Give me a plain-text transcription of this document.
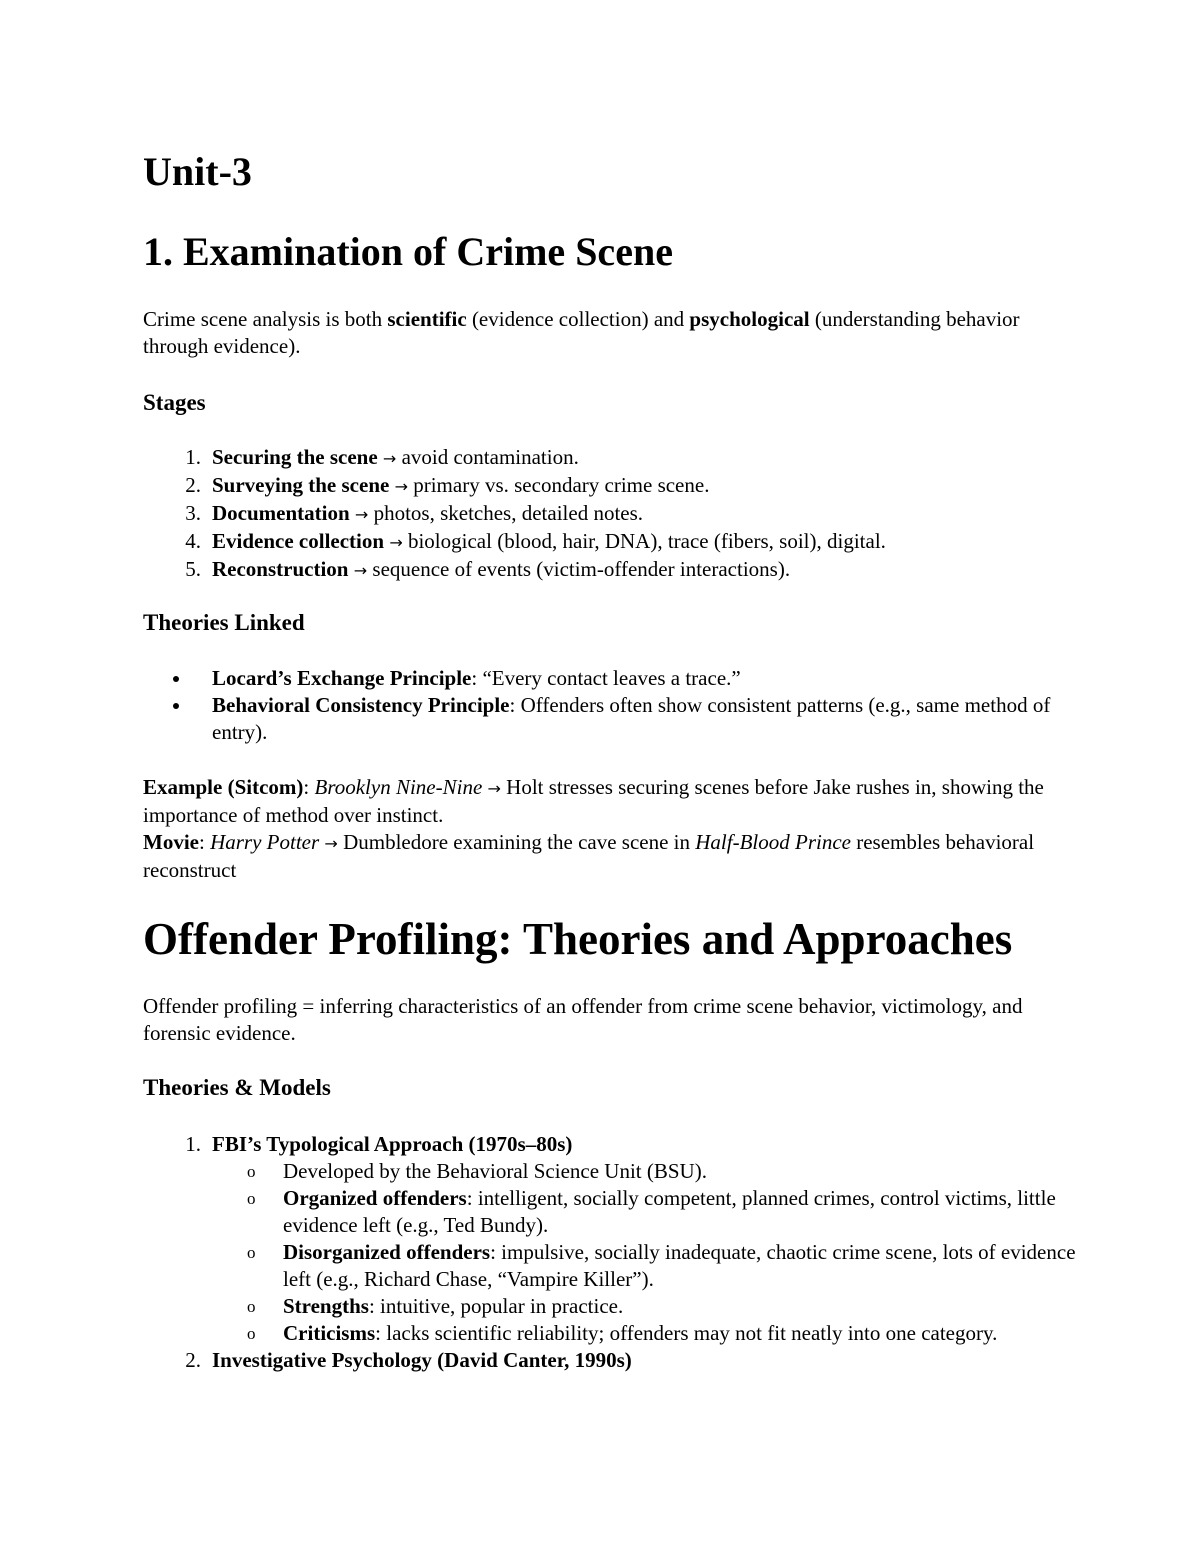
Unit-3
1. Examination of Crime Scene

Crime scene analysis is both scientific (evidence collection) and psychological (understanding behavior through evidence).

Stages
1. Securing the scene → avoid contamination.
2. Surveying the scene → primary vs. secondary crime scene.
3. Documentation → photos, sketches, detailed notes.
4. Evidence collection → biological (blood, hair, DNA), trace (fibers, soil), digital.
5. Reconstruction → sequence of events (victim-offender interactions).
Theories Linked
Locard’s Exchange Principle: “Every contact leaves a trace.”
Behavioral Consistency Principle: Offenders often show consistent patterns (e.g., same method of entry).

Example (Sitcom): Brooklyn Nine-Nine → Holt stresses securing scenes before Jake rushes in, showing the importance of method over instinct.

Movie: Harry Potter → Dumbledore examining the cave scene in Half-Blood Prince resembles behavioral reconstruct

Offender Profiling: Theories and Approaches

Offender profiling = inferring characteristics of an offender from crime scene behavior, victimology, and forensic evidence.

Theories & Models
1. FBI’s Typological Approach (1970s–80s)
o Developed by the Behavioral Science Unit (BSU).
o Organized offenders: intelligent, socially competent, planned crimes, control victims, little evidence left (e.g., Ted Bundy).
o Disorganized offenders: impulsive, socially inadequate, chaotic crime scene, lots of evidence left (e.g., Richard Chase, “Vampire Killer”).
o Strengths: intuitive, popular in practice.
o Criticisms: lacks scientific reliability; offenders may not fit neatly into one category.
2. Investigative Psychology (David Canter, 1990s)
